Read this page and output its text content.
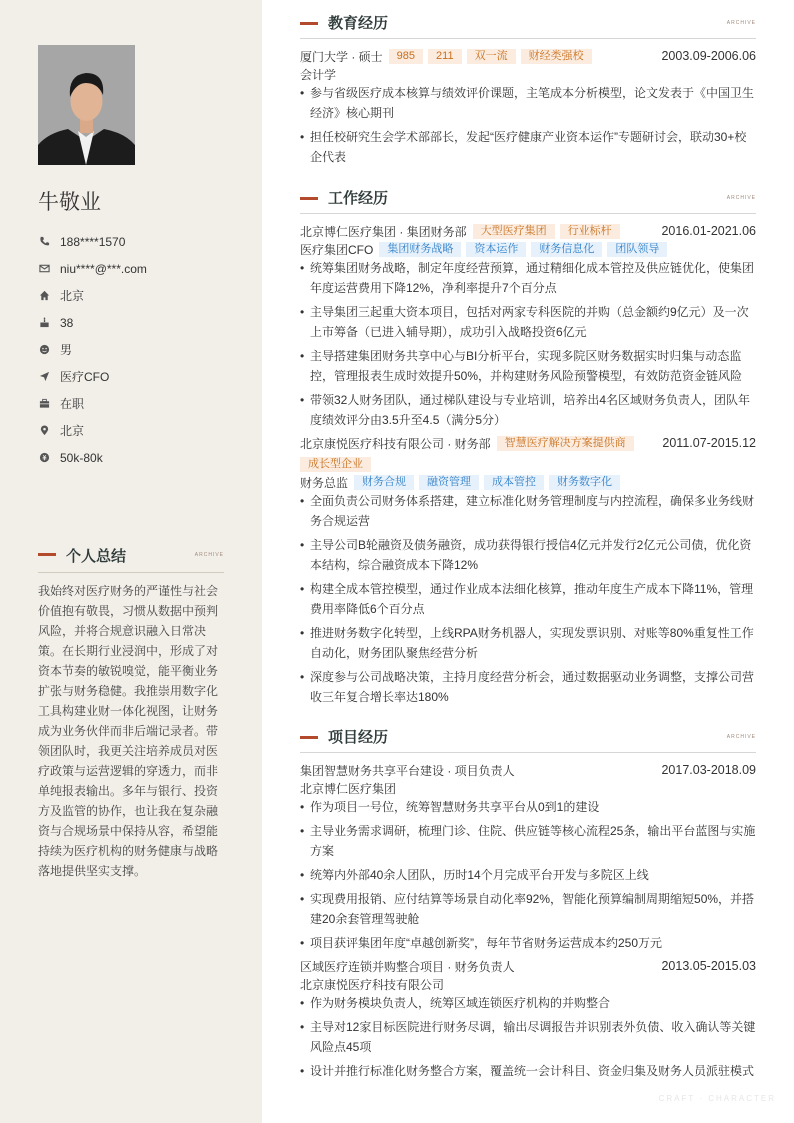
牛敬业
188****1570
niu****@***.com
北京
38
男
医疗CFO
在职
北京
50k-80k
个人总结	ARCHIVE
我始终对医疗财务的严谨性与社会价值抱有敬畏，习惯从数据中预判风险，并将合规意识融入日常决策。在长期行业浸润中，形成了对资本节奏的敏锐嗅觉，能平衡业务扩张与财务稳健。我推崇用数字化工具构建业财一体化视图，让财务成为业务伙伴而非后端记录者。带领团队时，我更关注培养成员对医疗政策与运营逻辑的穿透力，而非单纯报表输出。多年与银行、投资方及监管的协作，也让我在复杂融资与合规场景中保持从容，希望能持续为医疗机构的财务健康与战略落地提供坚实支撑。
教育经历	ARCHIVE
厦门大学 · 硕士	985	211	双一流	财经类强校	2003.09-2006.06
会计学
• 参与省级医疗成本核算与绩效评价课题，主笔成本分析模型，论文发表于《中国卫生经济》核心期刊
• 担任校研究生会学术部部长，发起“医疗健康产业资本运作”专题研讨会，联动30+校企代表
工作经历	ARCHIVE
北京博仁医疗集团 · 集团财务部	大型医疗集团	行业标杆	2016.01-2021.06
医疗集团CFO	集团财务战略	资本运作	财务信息化	团队领导
• 统筹集团财务战略，制定年度经营预算，通过精细化成本管控及供应链优化，使集团年度运营费用下降12%，净利率提升7个百分点
• 主导集团三起重大资本项目，包括对两家专科医院的并购（总金额约9亿元）及一次上市筹备（已进入辅导期），成功引入战略投资6亿元
• 主导搭建集团财务共享中心与BI分析平台，实现多院区财务数据实时归集与动态监控，管理报表生成时效提升50%，并构建财务风险预警模型，有效防范资金链风险
• 带领32人财务团队，通过梯队建设与专业培训，培养出4名区域财务负责人，团队年度绩效评分由3.5升至4.5（满分5分）
北京康悦医疗科技有限公司 · 财务部	智慧医疗解决方案提供商	2011.07-2015.12
成长型企业
财务总监	财务合规	融资管理	成本管控	财务数字化
• 全面负责公司财务体系搭建，建立标准化财务管理制度与内控流程，确保多业务线财务合规运营
• 主导公司B轮融资及债务融资，成功获得银行授信4亿元并发行2亿元公司债，优化资本结构，综合融资成本下降12%
• 构建全成本管控模型，通过作业成本法细化核算，推动年度生产成本下降11%，管理费用率降低6个百分点
• 推进财务数字化转型，上线RPA财务机器人，实现发票识别、对账等80%重复性工作自动化，财务团队聚焦经营分析
• 深度参与公司战略决策，主持月度经营分析会，通过数据驱动业务调整，支撑公司营收三年复合增长率达180%
项目经历	ARCHIVE
集团智慧财务共享平台建设 · 项目负责人	2017.03-2018.09
北京博仁医疗集团
• 作为项目一号位，统筹智慧财务共享平台从0到1的建设
• 主导业务需求调研，梳理门诊、住院、供应链等核心流程25条，输出平台蓝图与实施方案
• 统筹内外部40余人团队，历时14个月完成平台开发与多院区上线
• 实现费用报销、应付结算等场景自动化率92%，智能化预算编制周期缩短50%，并搭建20余套管理驾驶舱
• 项目获评集团年度“卓越创新奖”，每年节省财务运营成本约250万元
区域医疗连锁并购整合项目 · 财务负责人	2013.05-2015.03
北京康悦医疗科技有限公司
• 作为财务模块负责人，统筹区域连锁医疗机构的并购整合
• 主导对12家目标医院进行财务尽调，输出尽调报告并识别表外负债、收入确认等关键风险点45项
• 设计并推行标准化财务整合方案，覆盖统一会计科目、资金归集及财务人员派驻模式
CRAFT · CHARACTER
